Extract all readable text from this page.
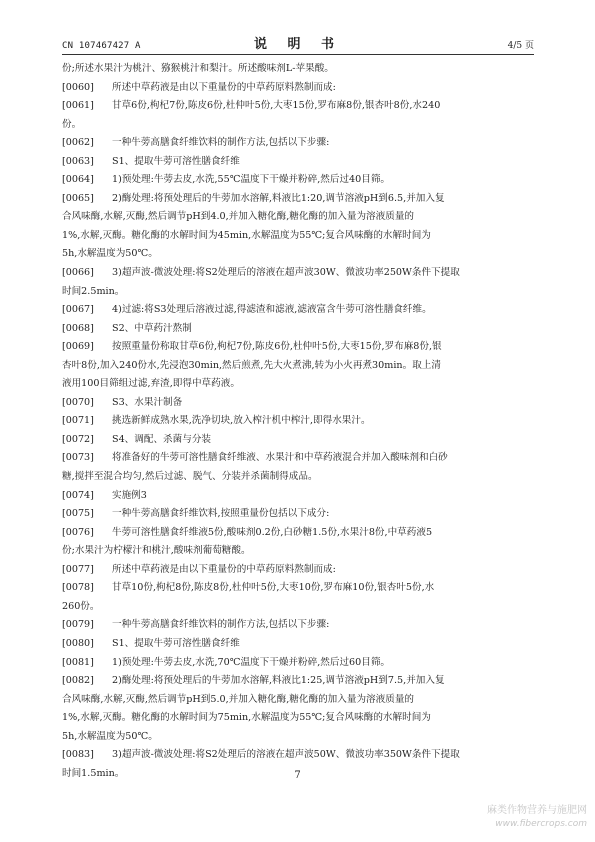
CN 107467427 A	说 明 书	4/5 页
份;所述水果汁为桃汁、猕猴桃汁和梨汁。所述酸味剂L-苹果酸。
[0060]	所述中草药液是由以下重量份的中草药原料熬制而成:
[0061]	甘草6份,枸杞7份,陈皮6份,杜仲叶5份,大枣15份,罗布麻8份,银杏叶8份,水240
份。
[0062]	一种牛蒡高膳食纤维饮料的制作方法,包括以下步骤:
[0063]	S1、提取牛蒡可溶性膳食纤维
[0064]	1)预处理:牛蒡去皮,水洗,55℃温度下干燥并粉碎,然后过40目筛。
[0065]	2)酶处理:将预处理后的牛蒡加水溶解,料液比1:20,调节溶液pH到6.5,并加入复
合风味酶,水解,灭酶,然后调节pH到4.0,并加入糖化酶,糖化酶的加入量为溶液质量的
1%,水解,灭酶。糖化酶的水解时间为45min,水解温度为55℃;复合风味酶的水解时间为
5h,水解温度为50℃。
[0066]	3)超声波-微波处理:将S2处理后的溶液在超声波30W、微波功率250W条件下提取
时间2.5min。
[0067]	4)过滤:将S3处理后溶液过滤,得滤渣和滤液,滤液富含牛蒡可溶性膳食纤维。
[0068]	S2、中草药汁熬制
[0069]	按照重量份称取甘草6份,枸杞7份,陈皮6份,杜仲叶5份,大枣15份,罗布麻8份,银
杏叶8份,加入240份水,先浸泡30min,然后煎煮,先大火煮沸,转为小火再煮30min。取上清
液用100目筛组过滤,弃渣,即得中草药液。
[0070]	S3、水果汁制备
[0071]	挑选新鲜成熟水果,洗净切块,放入榨汁机中榨汁,即得水果汁。
[0072]	S4、调配、杀菌与分装
[0073]	将准备好的牛蒡可溶性膳食纤维液、水果汁和中草药液混合并加入酸味剂和白砂
糖,搅拌至混合均匀,然后过滤、脱气、分装并杀菌制得成品。
[0074]	实施例3
[0075]	一种牛蒡高膳食纤维饮料,按照重量份包括以下成分:
[0076]	牛蒡可溶性膳食纤维液5份,酸味剂0.2份,白砂糖1.5份,水果汁8份,中草药液5
份;水果汁为柠檬汁和桃汁,酸味剂葡萄糖酸。
[0077]	所述中草药液是由以下重量份的中草药原料熬制而成:
[0078]	甘草10份,枸杞8份,陈皮8份,杜仲叶5份,大枣10份,罗布麻10份,银杏叶5份,水
260份。
[0079]	一种牛蒡高膳食纤维饮料的制作方法,包括以下步骤:
[0080]	S1、提取牛蒡可溶性膳食纤维
[0081]	1)预处理:牛蒡去皮,水洗,70℃温度下干燥并粉碎,然后过60目筛。
[0082]	2)酶处理:将预处理后的牛蒡加水溶解,料液比1:25,调节溶液pH到7.5,并加入复
合风味酶,水解,灭酶,然后调节pH到5.0,并加入糖化酶,糖化酶的加入量为溶液质量的
1%,水解,灭酶。糖化酶的水解时间为75min,水解温度为55℃;复合风味酶的水解时间为
5h,水解温度为50℃。
[0083]	3)超声波-微波处理:将S2处理后的溶液在超声波50W、微波功率350W条件下提取
时间1.5min。	7
麻类作物营养与施肥网
www.fibercrops.com
